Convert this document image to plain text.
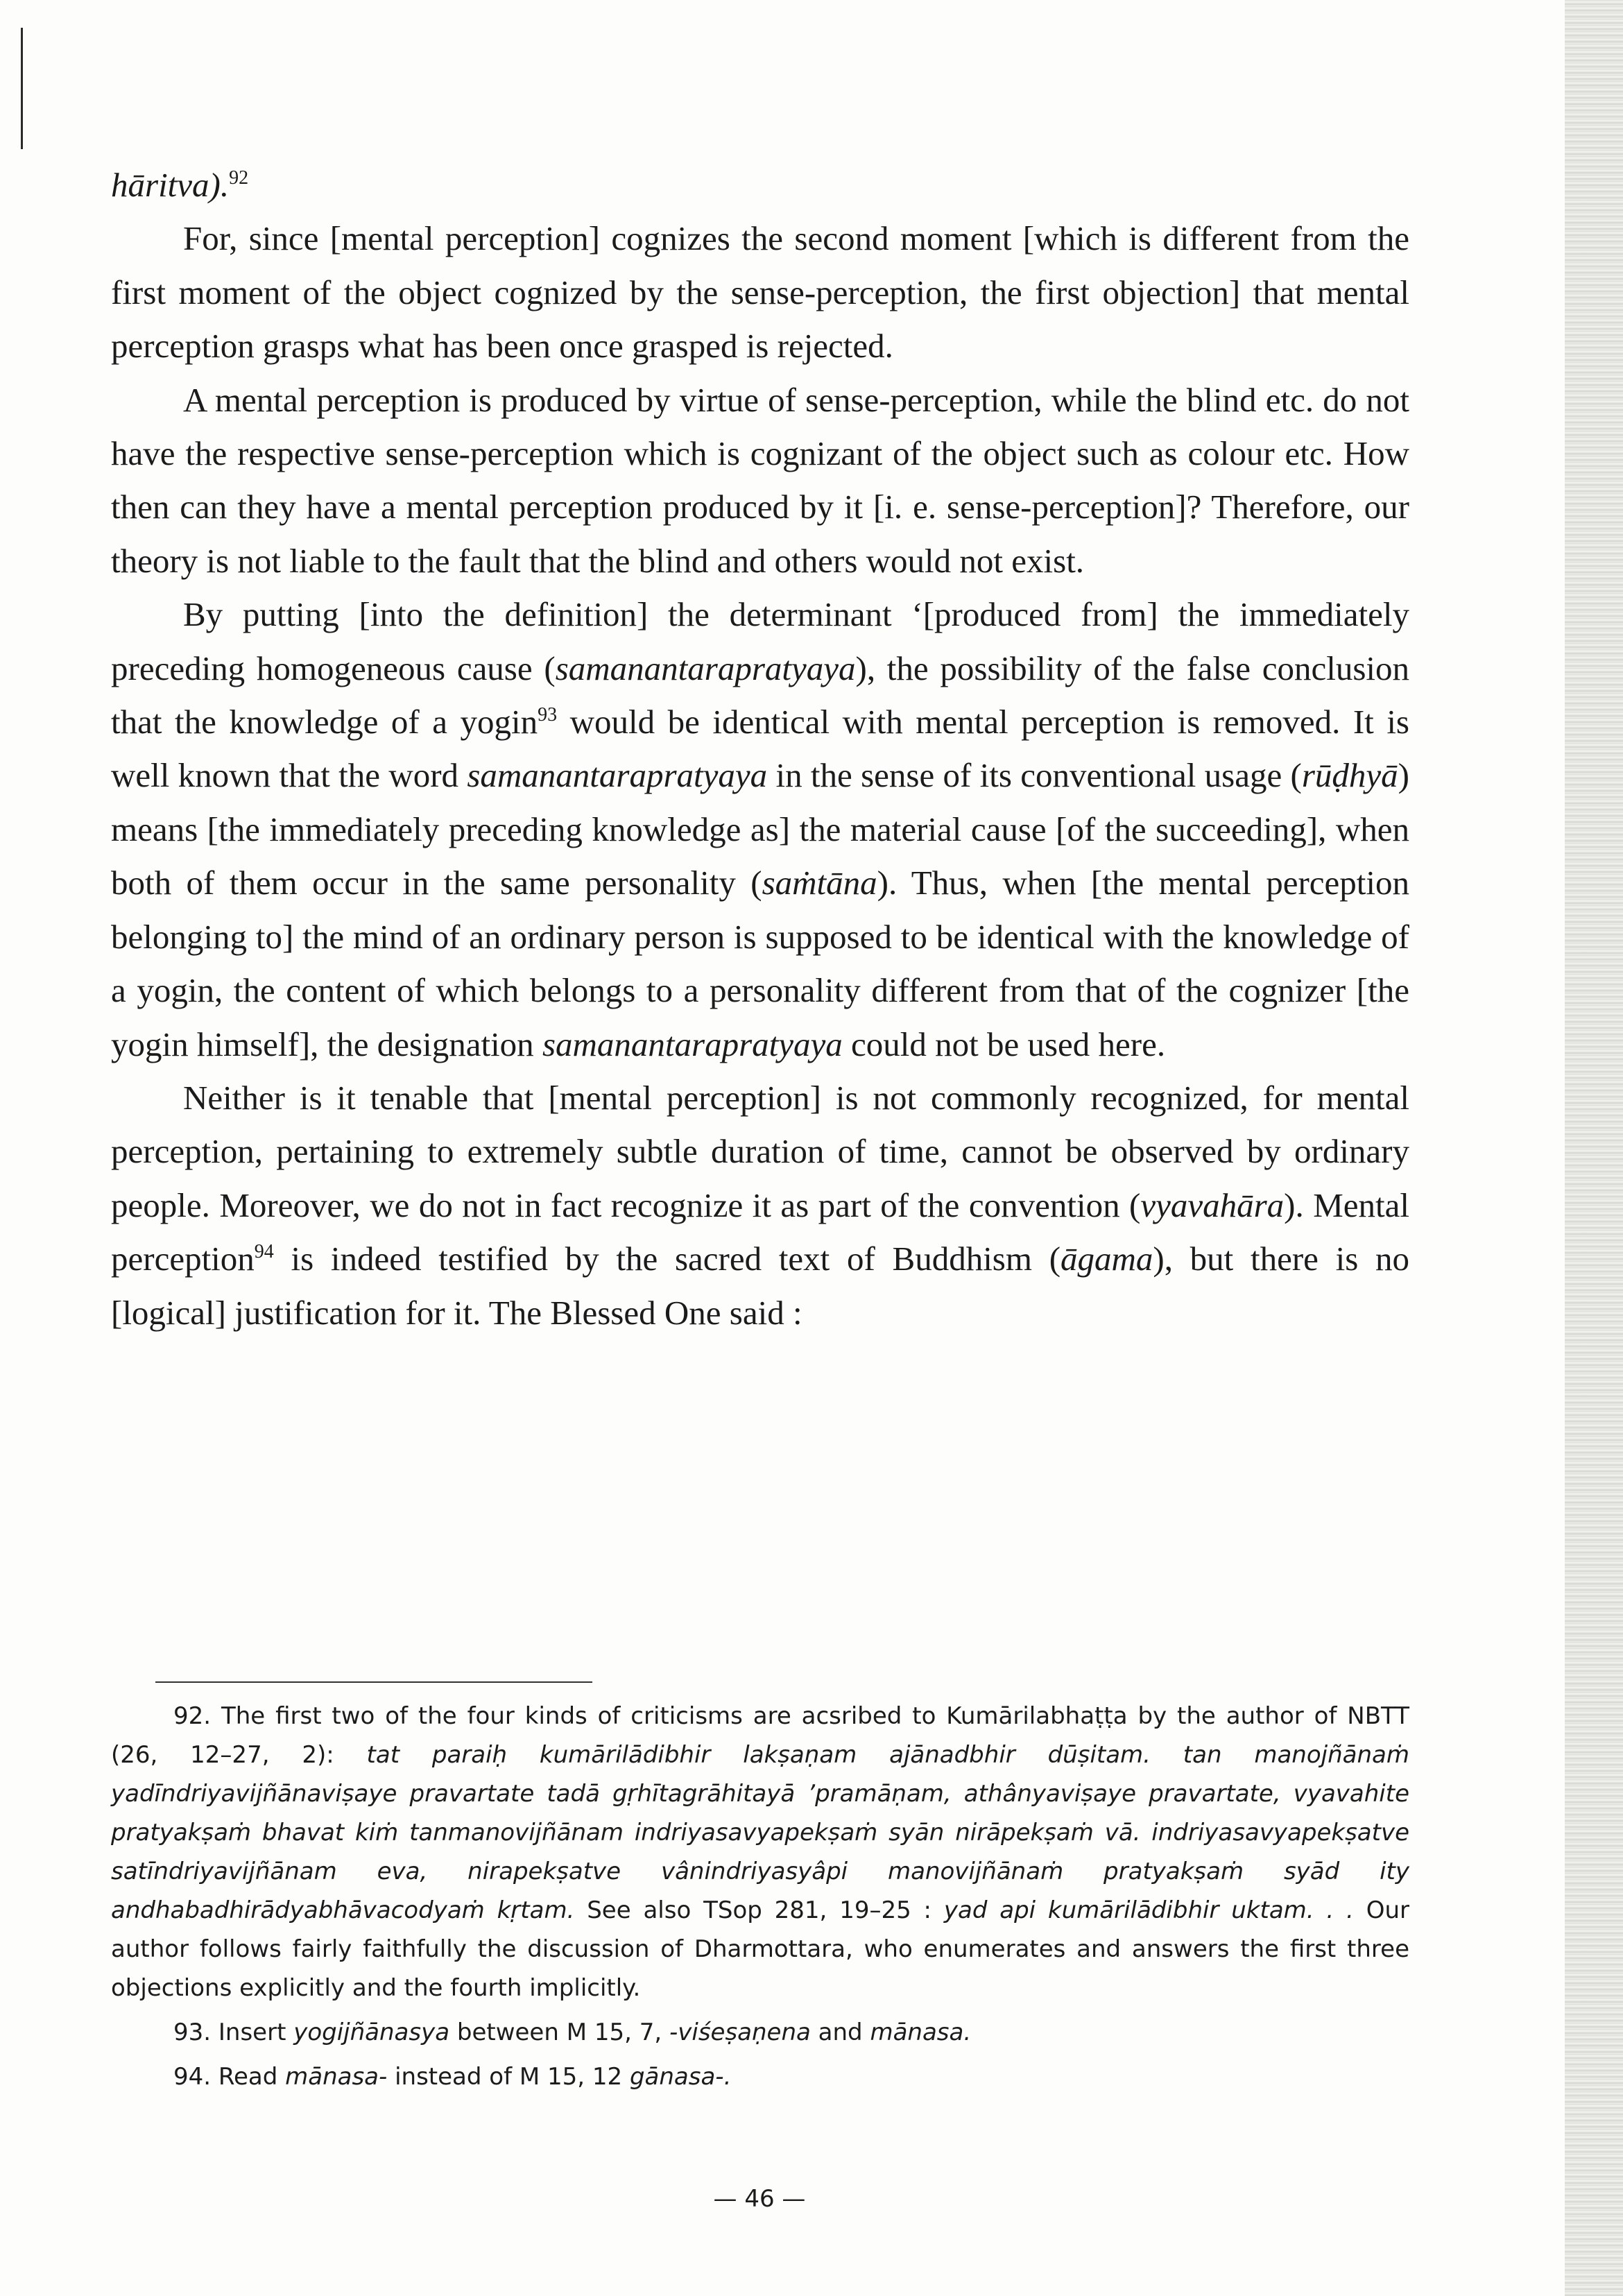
hāritva).$^{92}$

For, since [mental perception] cognizes the second moment [which is different from the first moment of the object cognized by the sense-perception, the first objection] that mental perception grasps what has been once grasped is rejected.

A mental perception is produced by virtue of sense-perception, while the blind etc. do not have the respective sense-perception which is cognizant of the object such as colour etc. How then can they have a mental perception produced by it [i. e. sense-perception]? Therefore, our theory is not liable to the fault that the blind and others would not exist.

By putting [into the definition] the determinant ‘[produced from] the immediately preceding homogeneous cause (samanantarapratyaya), the possibility of the false conclusion that the knowledge of a yogin$^{93}$ would be identical with mental perception is removed. It is well known that the word samanantarapratyaya in the sense of its conventional usage (rūḍhyā) means [the immediately preceding knowledge as] the material cause [of the succeeding], when both of them occur in the same personality (saṁtāna). Thus, when [the mental perception belonging to] the mind of an ordinary person is supposed to be identical with the knowledge of a yogin, the content of which belongs to a personality different from that of the cognizer [the yogin himself], the designation samanantarapratyaya could not be used here.

Neither is it tenable that [mental perception] is not commonly recognized, for mental perception, pertaining to extremely subtle duration of time, cannot be observed by ordinary people. Moreover, we do not in fact recognize it as part of the convention (vyavahāra). Mental perception$^{94}$ is indeed testified by the sacred text of Buddhism (āgama), but there is no [logical] justification for it. The Blessed One said :

92. The first two of the four kinds of criticisms are acsribed to Kumārilabhaṭṭa by the author of NBTT (26, 12–27, 2): tat paraiḥ kumārilādibhir lakṣaṇam ajānadbhir dūṣitam. tan manojñānaṁ yadīndriyavijñānaviṣaye pravartate tadā gṛhītagrāhitayā ’pramāṇam, athânyaviṣaye pravartate, vyavahite pratyakṣaṁ bhavat kiṁ tanmanovijñānam indriyasavyapekṣaṁ syān nirāpekṣaṁ vā. indriyasavyapekṣatve satīndriyavijñānam eva, nirapekṣatve vânindriyasyâpi manovijñānaṁ pratyakṣaṁ syād ity andhabadhirādyabhāvacodyaṁ kṛtam. See also TSop 281, 19–25 : yad api kumārilādibhir uktam. . . Our author follows fairly faithfully the discussion of Dharmottara, who enumerates and answers the first three objections explicitly and the fourth implicitly.

93. Insert yogijñānasya between M 15, 7, -viśeṣaṇena and mānasa.

94. Read mānasa- instead of M 15, 12 gānasa-.

— 46 —
